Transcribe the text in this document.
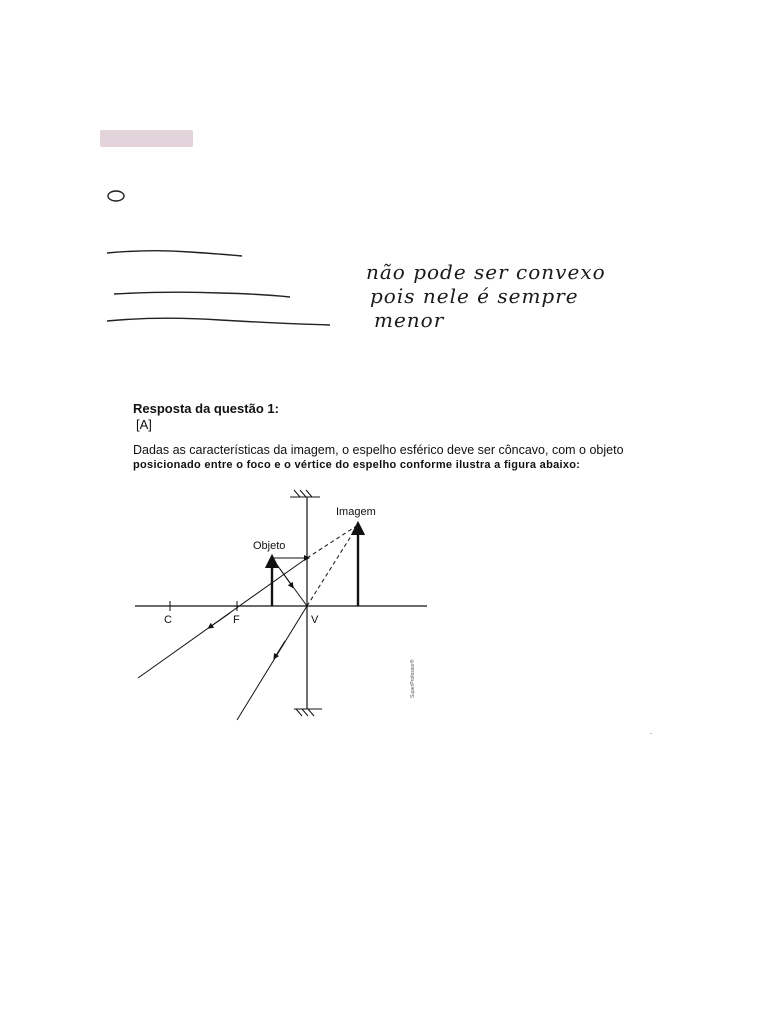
não pode ser convexo
pois nele é sempre
menor
Resposta da questão 1:
[A]
Dadas as características da imagem, o espelho esférico deve ser côncavo, com o objeto
posicionado entre o foco e o vértice do espelho conforme ilustra a figura abaixo:
Imagem
Objeto
C	F	V
SuperProfessor®
